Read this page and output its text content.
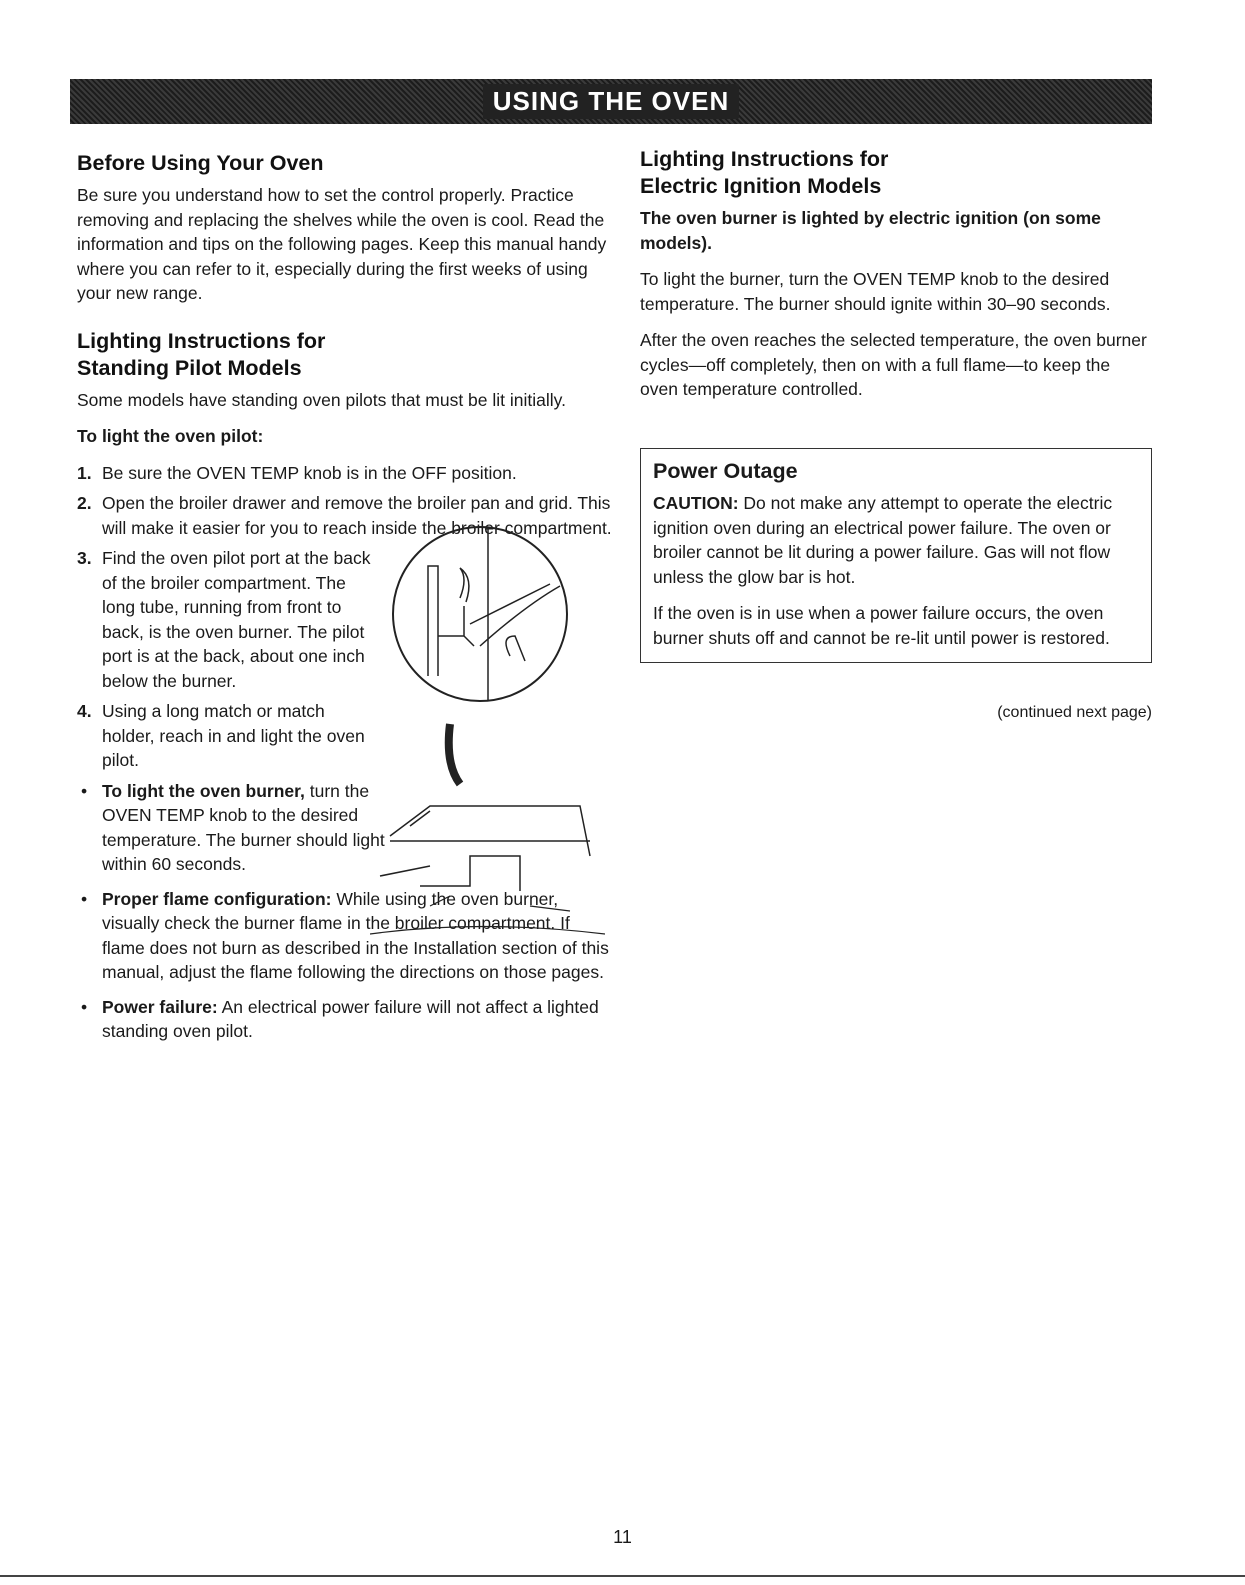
USING THE OVEN
Before Using Your Oven

Be sure you understand how to set the control properly. Practice removing and replacing the shelves while the oven is cool. Read the information and tips on the following pages. Keep this manual handy where you can refer to it, especially during the first weeks of using your new range.

Lighting Instructions for
Standing Pilot Models

Some models have standing oven pilots that must be lit initially.

To light the oven pilot:

1. Be sure the OVEN TEMP knob is in the OFF position.
2. Open the broiler drawer and remove the broiler pan and grid. This will make it easier for you to reach inside the broiler compartment.
3. Find the oven pilot port at the back of the broiler compartment. The long tube, running from front to back, is the oven burner. The pilot port is at the back, about one inch below the burner.
4. Using a long match or match holder, reach in and light the oven pilot.
• To light the oven burner, turn the OVEN TEMP knob to the desired temperature. The burner should light within 60 seconds.
• Proper flame configuration: While using the oven burner, visually check the burner flame in the broiler compartment. If flame does not burn as described in the Installation section of this manual, adjust the flame following the directions on those pages.
• Power failure: An electrical power failure will not affect a lighted standing oven pilot.
Lighting Instructions for
Electric Ignition Models

The oven burner is lighted by electric ignition (on some models).

To light the burner, turn the OVEN TEMP knob to the desired temperature. The burner should ignite within 30–90 seconds.

After the oven reaches the selected temperature, the oven burner cycles—off completely, then on with a full flame—to keep the oven temperature controlled.

Power Outage

CAUTION: Do not make any attempt to operate the electric ignition oven during an electrical power failure. The oven or broiler cannot be lit during a power failure. Gas will not flow unless the glow bar is hot.

If the oven is in use when a power failure occurs, the oven burner shuts off and cannot be re-lit until power is restored.

(continued next page)
11
